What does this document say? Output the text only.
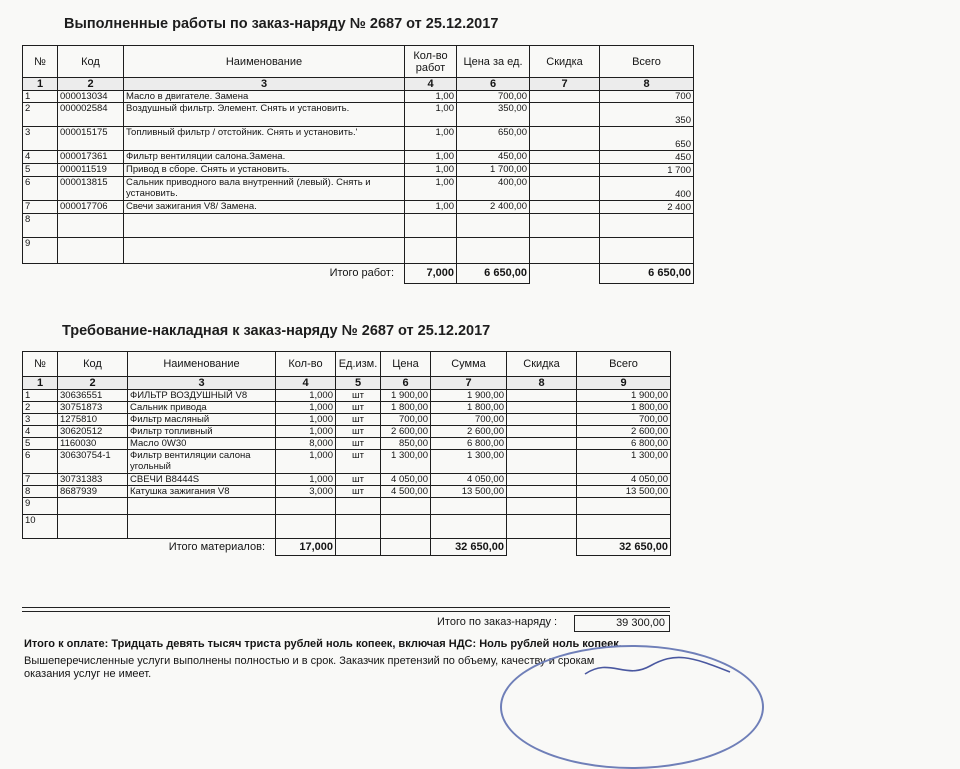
Выполненные работы по заказ-наряду № 2687 от 25.12.2017
№	Код	Наименование	Кол-во работ	Цена за ед.	Скидка	Всего
1	2	3	4	6	7	8
1	000013034	Масло в двигателе. Замена	1,00	700,00		700
2	000002584	Воздушный фильтр. Элемент. Снять и установить.	1,00	350,00		350
3	000015175	Топливный фильтр / отстойник. Снять и установить.'	1,00	650,00		650
4	000017361	Фильтр вентиляции салона.Замена.	1,00	450,00		450
5	000011519	Привод в сборе. Снять и установить.	1,00	1 700,00		1 700
6	000013815	Сальник приводного вала внутренний (левый). Снять и установить.	1,00	400,00		400
7	000017706	Свечи зажигания V8/ Замена.	1,00	2 400,00		2 400
8						
9						
Итого работ:			7,000	6 650,00		6 650,00
Требование-накладная к заказ-наряду № 2687 от 25.12.2017
№	Код	Наименование	Кол-во	Ед.изм.	Цена	Сумма	Скидка	Всего
1	2	3	4	5	6	7	8	9
1	30636551	ФИЛЬТР ВОЗДУШНЫЙ V8	1,000	шт	1 900,00	1 900,00		1 900,00
2	30751873	Сальник привода	1,000	шт	1 800,00	1 800,00		1 800,00
3	1275810	Фильтр масляный	1,000	шт	700,00	700,00		700,00
4	30620512	Фильтр топливный	1,000	шт	2 600,00	2 600,00		2 600,00
5	1160030	Масло 0W30	8,000	шт	850,00	6 800,00		6 800,00
6	30630754-1	Фильтр вентиляции салона угольный	1,000	шт	1 300,00	1 300,00		1 300,00
7	30731383	СВЕЧИ B8444S	1,000	шт	4 050,00	4 050,00		4 050,00
8	8687939	Катушка зажигания V8	3,000	шт	4 500,00	13 500,00		13 500,00
9								
10								
Итого материалов:			17,000			32 650,00		32 650,00
Итого по заказ-наряду :	39 300,00
Итого к оплате: Тридцать девять тысяч триста рублей ноль копеек, включая НДС: Ноль рублей ноль копеек.
Вышеперечисленные услуги выполнены полностью и в срок. Заказчик претензий по объему, качеству и срокам
оказания услуг не имеет.
